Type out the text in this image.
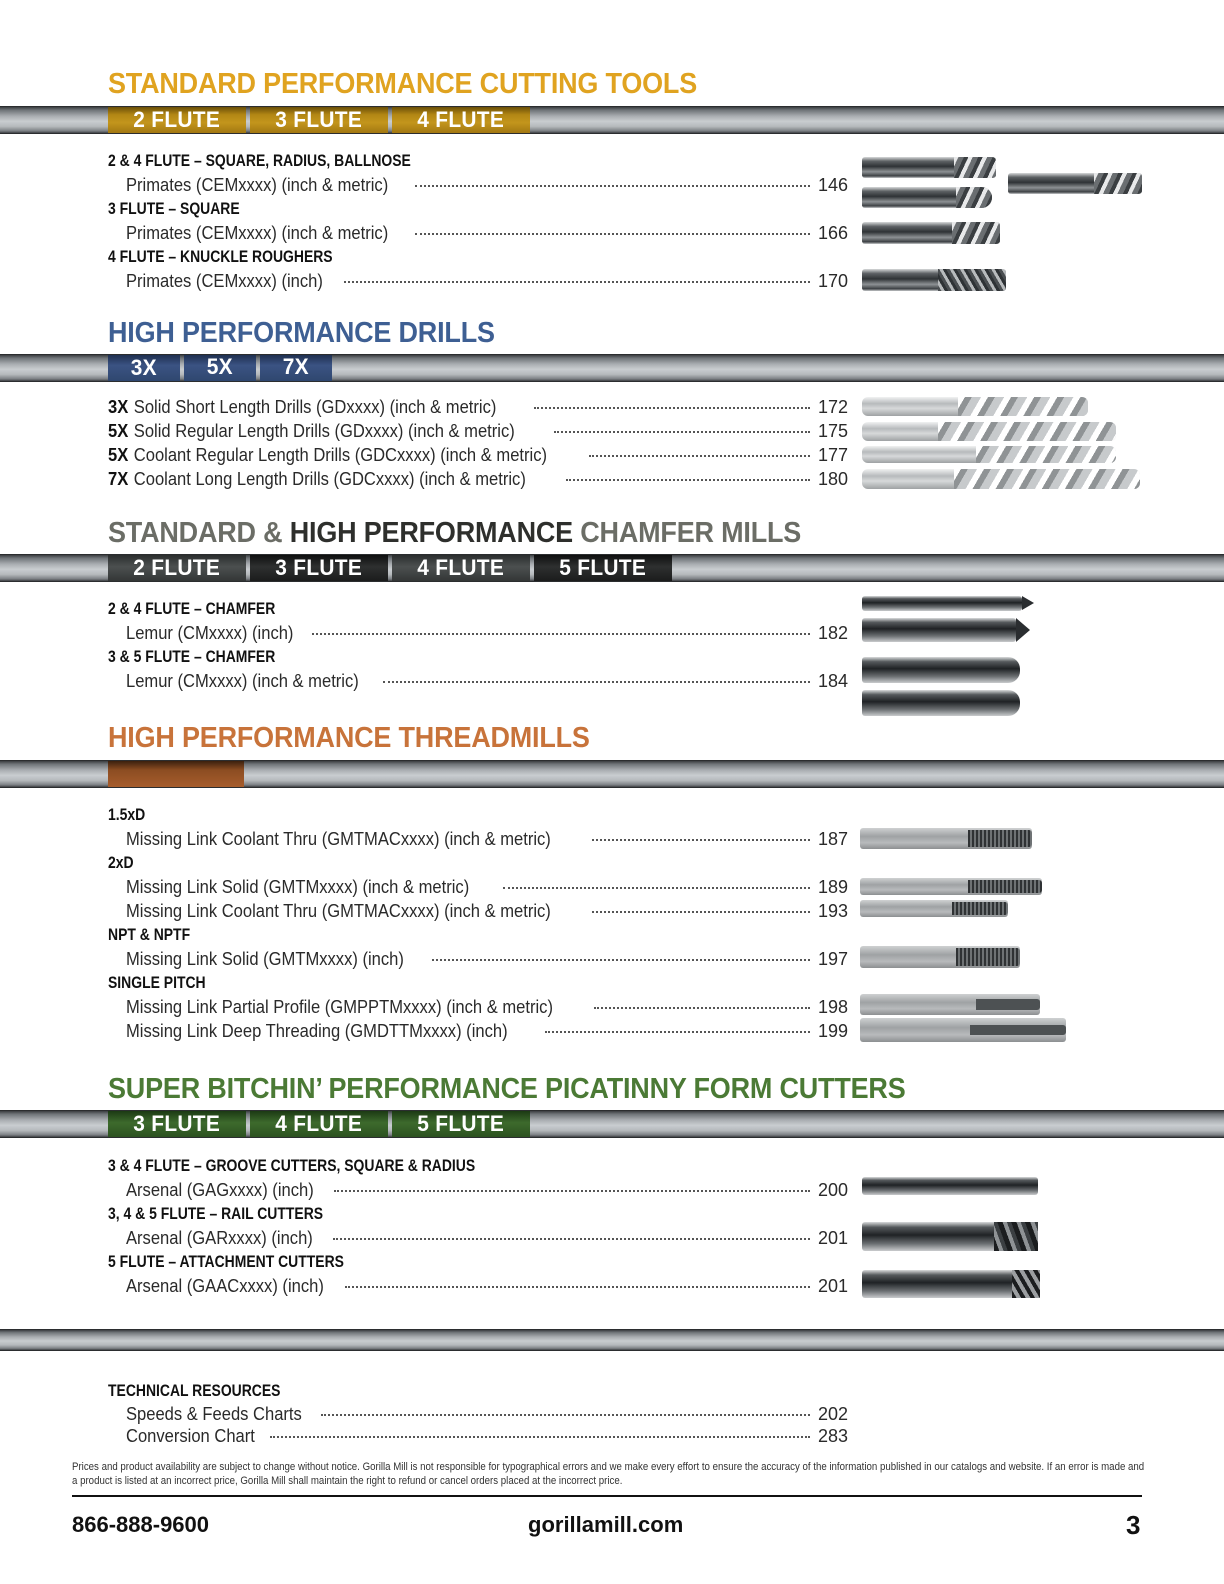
STANDARD PERFORMANCE CUTTING TOOLS
2 FLUTE	3 FLUTE	4 FLUTE
2 & 4 FLUTE – SQUARE, RADIUS, BALLNOSE
Primates (CEMxxxx) (inch & metric)	146
3 FLUTE – SQUARE
Primates (CEMxxxx) (inch & metric)	166
4 FLUTE – KNUCKLE ROUGHERS
Primates (CEMxxxx) (inch)	170
HIGH PERFORMANCE DRILLS
3X 5X 7X
3X Solid Short Length Drills (GDxxxx) (inch & metric)	172
5X Solid Regular Length Drills (GDxxxx) (inch & metric)	175
5X Coolant Regular Length Drills (GDCxxxx) (inch & metric)	177
7X Coolant Long Length Drills (GDCxxxx) (inch & metric)	180
STANDARD & HIGH PERFORMANCE CHAMFER MILLS
2 FLUTE	3 FLUTE	4 FLUTE	5 FLUTE
2 & 4 FLUTE – CHAMFER
Lemur (CMxxxx) (inch)	182
3 & 5 FLUTE – CHAMFER
Lemur (CMxxxx) (inch & metric)	184
HIGH PERFORMANCE THREADMILLS
1.5xD
Missing Link Coolant Thru (GMTMACxxxx) (inch & metric)	187
2xD
Missing Link Solid (GMTMxxxx) (inch & metric)	189
Missing Link Coolant Thru (GMTMACxxxx) (inch & metric)	193
NPT & NPTF
Missing Link Solid (GMTMxxxx) (inch)	197
SINGLE PITCH
Missing Link Partial Profile (GMPPTMxxxx) (inch & metric)	198
Missing Link Deep Threading (GMDTTMxxxx) (inch)	199
SUPER BITCHIN’ PERFORMANCE PICATINNY FORM CUTTERS
3 FLUTE	4 FLUTE	5 FLUTE
3 & 4 FLUTE – GROOVE CUTTERS, SQUARE & RADIUS
Arsenal (GAGxxxx) (inch)	200
3, 4 & 5 FLUTE – RAIL CUTTERS
Arsenal (GARxxxx) (inch)	201
5 FLUTE – ATTACHMENT CUTTERS
Arsenal (GAACxxxx) (inch)	201
TECHNICAL RESOURCES
Speeds & Feeds Charts	202
Conversion Chart	283
Prices and product availability are subject to change without notice. Gorilla Mill is not responsible for typographical errors and we make every effort to ensure the accuracy of the information published in our catalogs and website. If an error is made and a product is listed at an incorrect price, Gorilla Mill shall maintain the right to refund or cancel orders placed at the incorrect price.
866-888-9600	gorillamill.com	3
